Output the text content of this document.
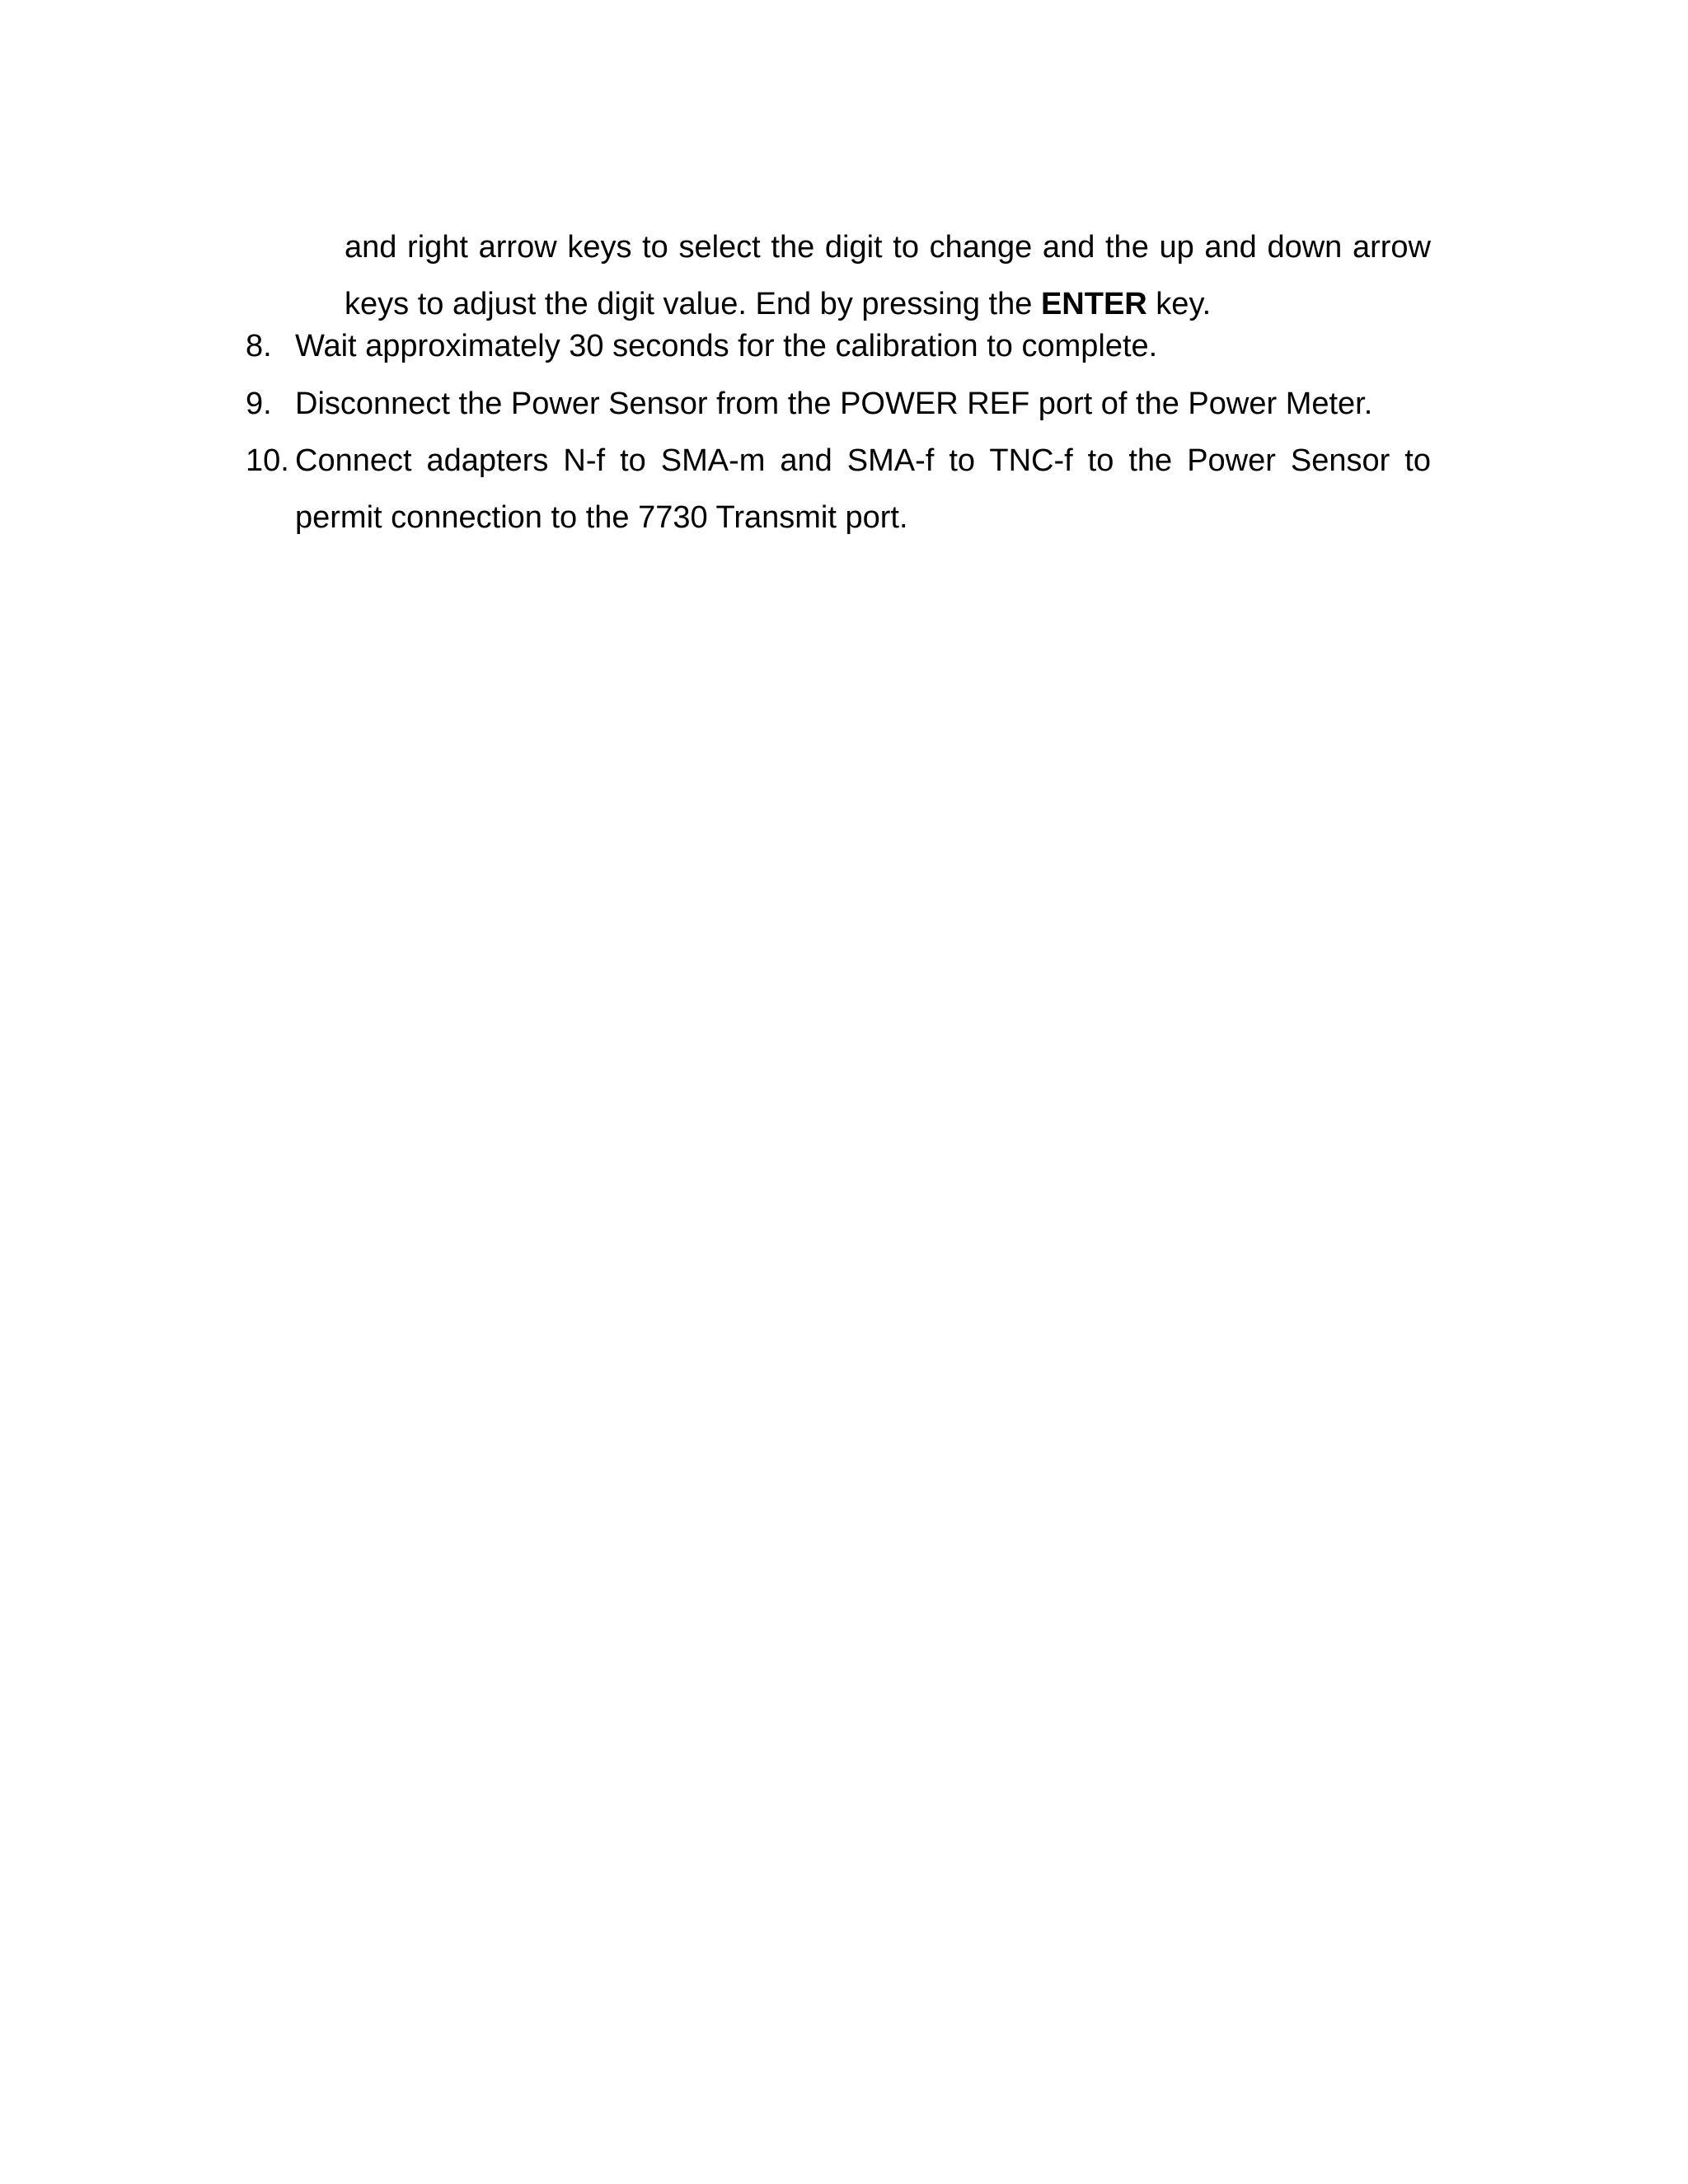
and right arrow keys to select the digit to change and the up and down arrow keys to adjust the digit value. End by pressing the ENTER key.

8. Wait approximately 30 seconds for the calibration to complete.
9. Disconnect the Power Sensor from the POWER REF port of the Power Meter.
10. Connect adapters N-f to SMA-m and SMA-f to TNC-f to the Power Sensor to permit connection to the 7730 Transmit port.
